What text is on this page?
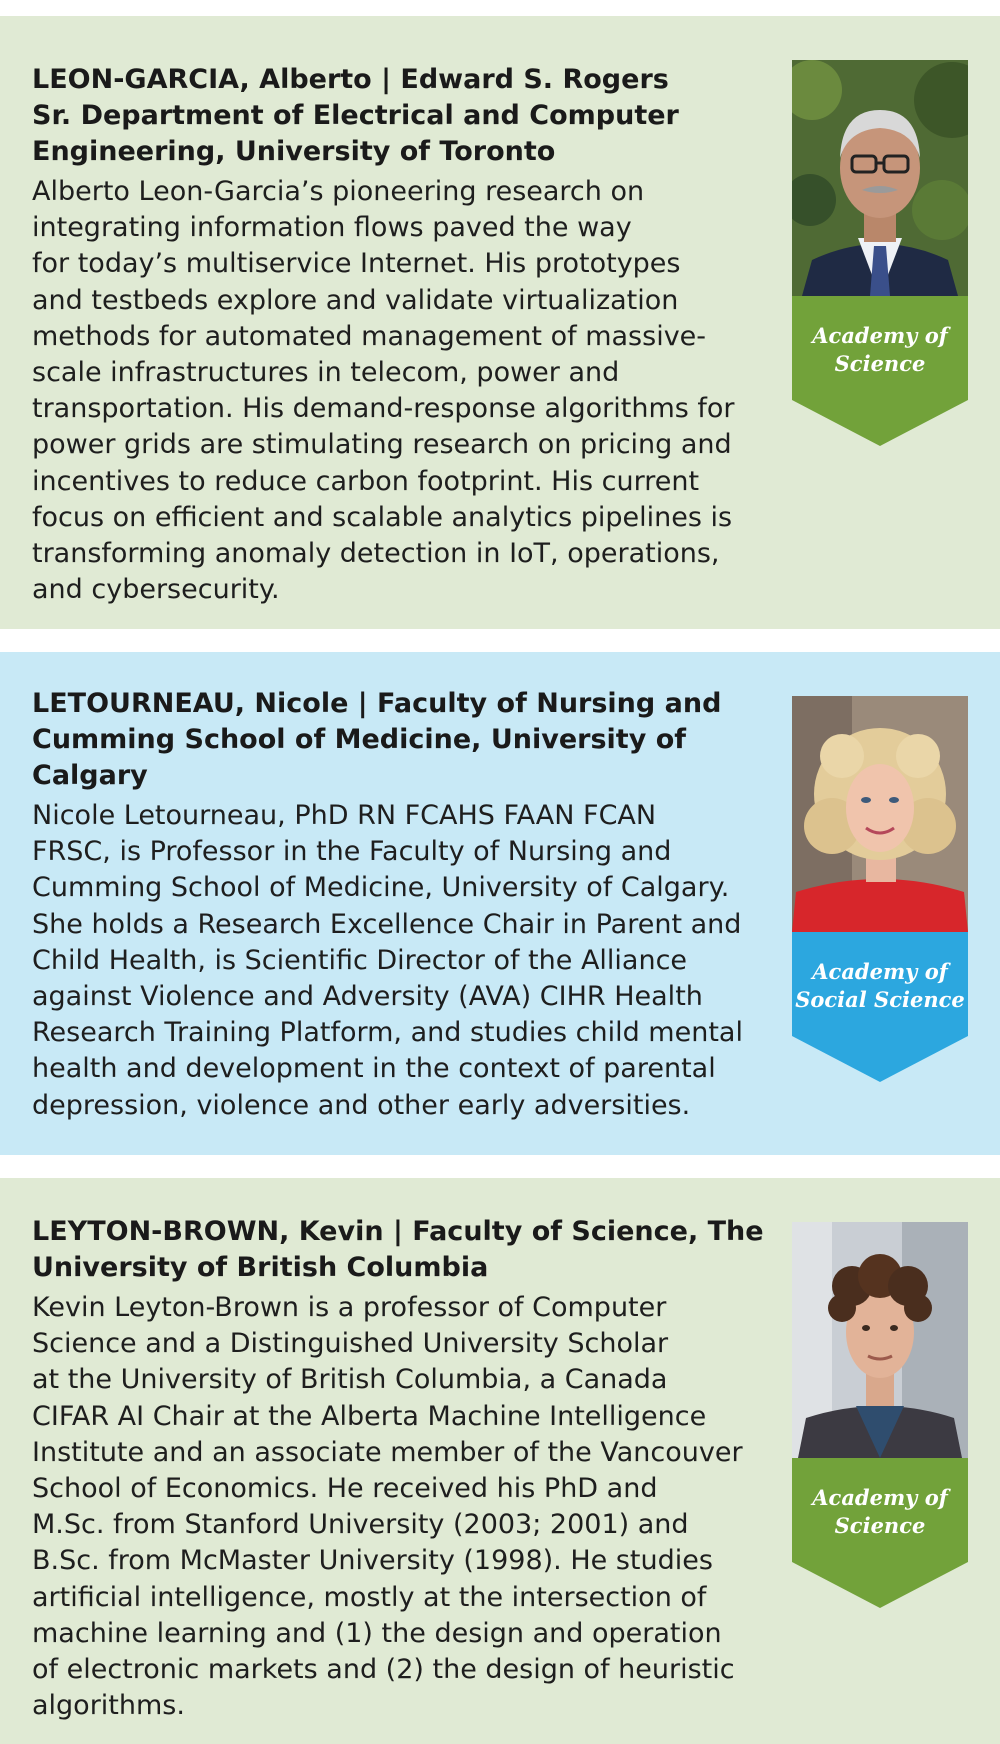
LEON-GARCIA, Alberto | Edward S. Rogers
Sr. Department of Electrical and Computer
Engineering, University of Toronto
Alberto Leon-Garcia’s pioneering research on
integrating information flows paved the way
for today’s multiservice Internet. His prototypes
and testbeds explore and validate virtualization
methods for automated management of massive-
scale infrastructures in telecom, power and
transportation. His demand-response algorithms for
power grids are stimulating research on pricing and
incentives to reduce carbon footprint. His current
focus on efficient and scalable analytics pipelines is
transforming anomaly detection in IoT, operations,
and cybersecurity.
Academy of
Science
LETOURNEAU, Nicole | Faculty of Nursing and
Cumming School of Medicine, University of
Calgary
Nicole Letourneau, PhD RN FCAHS FAAN FCAN
FRSC, is Professor in the Faculty of Nursing and
Cumming School of Medicine, University of Calgary.
She holds a Research Excellence Chair in Parent and
Child Health, is Scientific Director of the Alliance
against Violence and Adversity (AVA) CIHR Health
Research Training Platform, and studies child mental
health and development in the context of parental
depression, violence and other early adversities.
Academy of
Social Science
LEYTON-BROWN, Kevin | Faculty of Science, The
University of British Columbia
Kevin Leyton-Brown is a professor of Computer
Science and a Distinguished University Scholar
at the University of British Columbia, a Canada
CIFAR AI Chair at the Alberta Machine Intelligence
Institute and an associate member of the Vancouver
School of Economics. He received his PhD and
M.Sc. from Stanford University (2003; 2001) and
B.Sc. from McMaster University (1998). He studies
artificial intelligence, mostly at the intersection of
machine learning and (1) the design and operation
of electronic markets and (2) the design of heuristic
algorithms.
Academy of
Science
